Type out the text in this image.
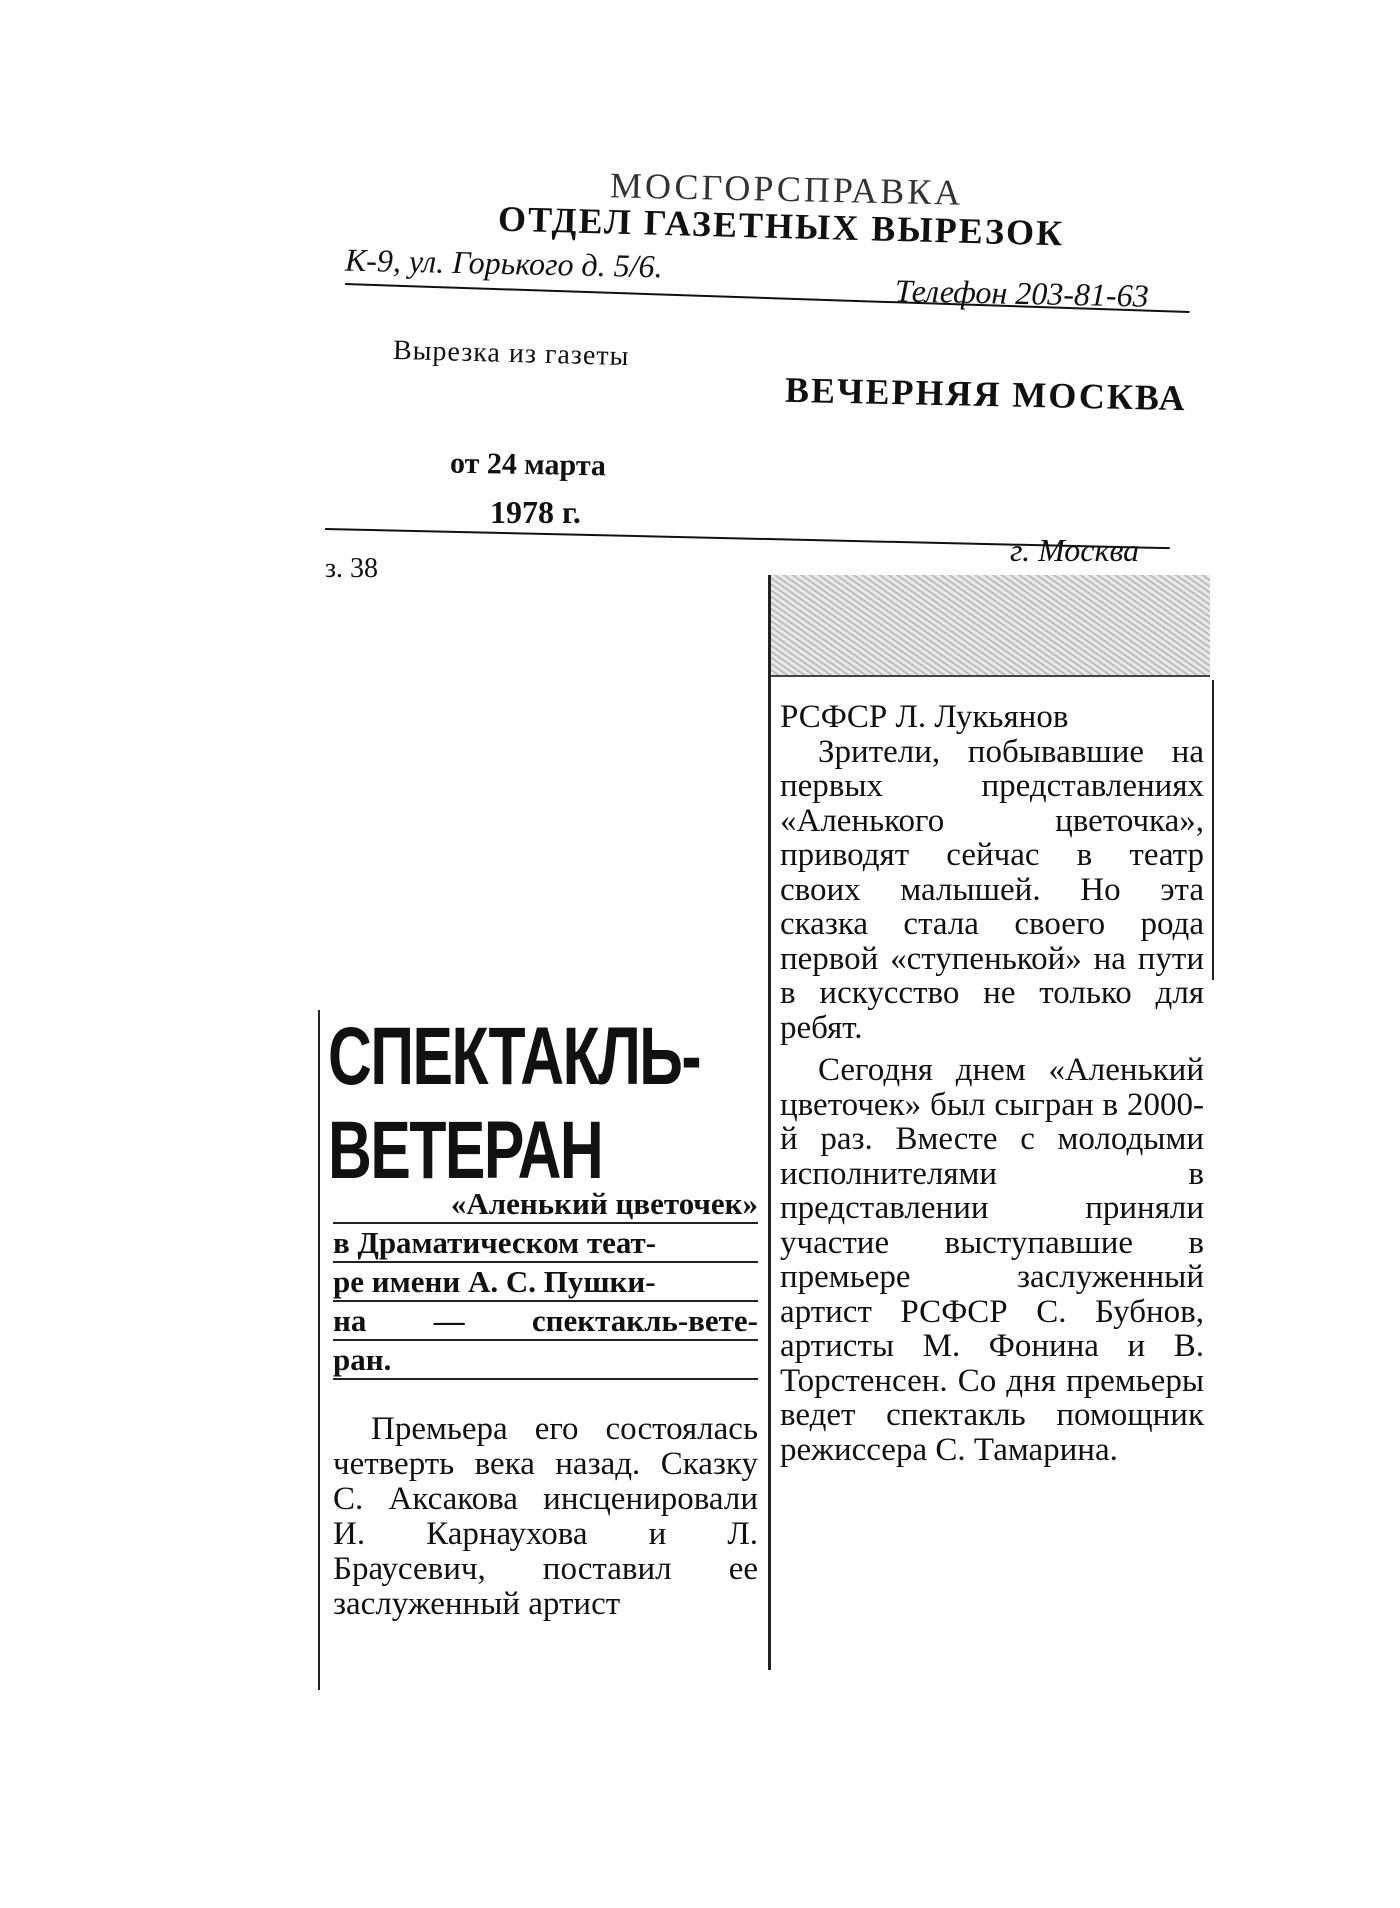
МОСГОРСПРАВКА
ОТДЕЛ ГАЗЕТНЫХ ВЫРЕЗОК
К-9, ул. Горького д. 5/6.
Телефон 203-81-63
Вырезка из газеты
ВЕЧЕРНЯЯ МОСКВА
от 24 марта
1978 г.
г. Москва
з. 38

РСФСР Л. Лукьянов

Зрители, побывавшие на первых представлениях «Аленького цветочка», приводят сейчас в театр своих малышей. Но эта сказка стала своего рода первой «ступенькой» на пути в искусство не только для ребят.

Сегодня днем «Аленький цветочек» был сыгран в 2000-й раз. Вместе с молодыми исполнителями в представлении приняли участие выступавшие в премьере заслуженный артист РСФСР С. Бубнов, артисты М. Фонина и В. Торстенсен. Со дня премьеры ведет спектакль помощник режиссера С. Тамарина.

СПЕКТАКЛЬ-
ВЕТЕРАН
«Аленький цветочек»
в Драматическом теат-
ре имени А. С. Пушки-
на — спектакль-вете-
ран.

Премьера его состоялась четверть века назад. Сказку С. Аксакова инсценировали И. Карнаухова и Л. Браусевич, поставил ее заслуженный артист
